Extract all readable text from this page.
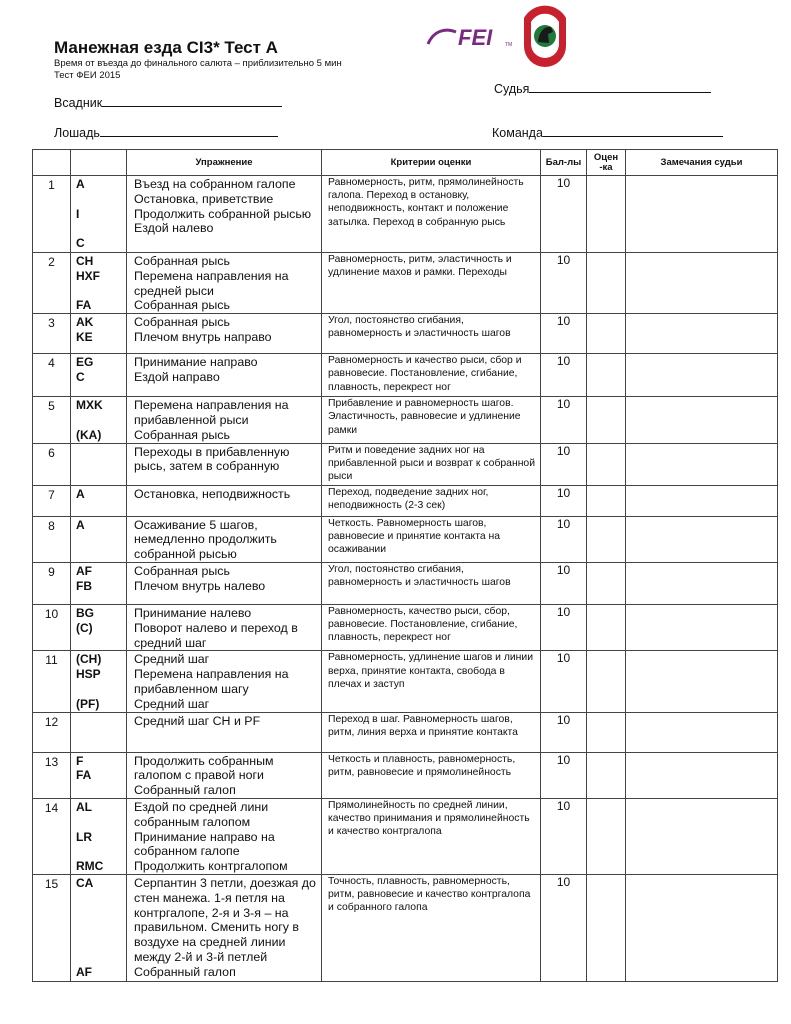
Манежная езда CI3* Тест А
Время от въезда до финального салюта – приблизительно 5 мин
Тест ФЕИ 2015
FEI	TM
Судья
Всадник
Лошадь	Команда
		Упражнение	Критерии оценки	Бал-лы	Оцен -ка	Замечания судьи
1	A

I

C	Въезд на собранном галопе
Остановка, приветствие
Продолжить собранной рысью
Ездой налево	Равномерность, ритм, прямолинейность галопа. Переход в остановку, неподвижность, контакт и положение затылка. Переход в собранную рысь	10		
2	CH
HXF

FA	Собранная рысь
Перемена направления на средней рыси
Собранная рысь	Равномерность, ритм, эластичность и удлинение махов и рамки. Переходы	10		
3	AK
KE	Собранная рысь
Плечом внутрь направо	Угол, постоянство сгибания, равномерность и эластичность шагов	10		
4	EG
C	Принимание направо
Ездой направо	Равномерность и качество рыси, сбор и равновесие. Постановление, сгибание, плавность, перекрест ног	10		
5	MXK

(KA)	Перемена направления на прибавленной рыси
Собранная рысь	Прибавление и равномерность шагов. Эластичность, равновесие и удлинение рамки	10		
6		Переходы в прибавленную рысь, затем в собранную	Ритм и поведение задних ног на прибавленной рыси и возврат к собранной рыси	10		
7	A	Остановка, неподвижность	Переход, подведение задних ног, неподвижность (2-3 сек)	10		
8	A	Осаживание 5 шагов, немедленно продолжить собранной рысью	Четкость. Равномерность шагов, равновесие и принятие контакта на осаживании	10		
9	AF
FB	Собранная рысь
Плечом внутрь налево	Угол, постоянство сгибания, равномерность и эластичность шагов	10		
10	BG
(C)	Принимание налево
Поворот налево и переход в средний шаг	Равномерность, качество рыси, сбор, равновесие. Постановление, сгибание, плавность, перекрест ног	10		
11	(CH)
HSP

(PF)	Средний шаг
Перемена направления на прибавленном шагу
Средний шаг	Равномерность, удлинение шагов и линии верха, принятие контакта, свобода в плечах и заступ	10		
12		Средний шаг CH и PF	Переход в шаг. Равномерность шагов, ритм, линия верха и принятие контакта	10		
13	F
FA	Продолжить собранным галопом с правой ноги
Собранный галоп	Четкость и плавность, равномерность, ритм, равновесие и прямолинейность	10		
14	AL

LR

RMC	Ездой по средней лини собранным галопом
Принимание направо на собранном галопе
Продолжить контргалопом	Прямолинейность по средней линии, качество принимания и прямолинейность и качество контргалопа	10		
15	CA

AF	Серпантин 3 петли, доезжая до стен манежа. 1-я петля на контргалопе, 2-я и 3-я – на правильном. Сменить ногу в воздухе на средней линии между 2-й и 3-й петлей
Собранный галоп	Точность, плавность, равномерность, ритм, равновесие и качество контргалопа и собранного галопа	10		
